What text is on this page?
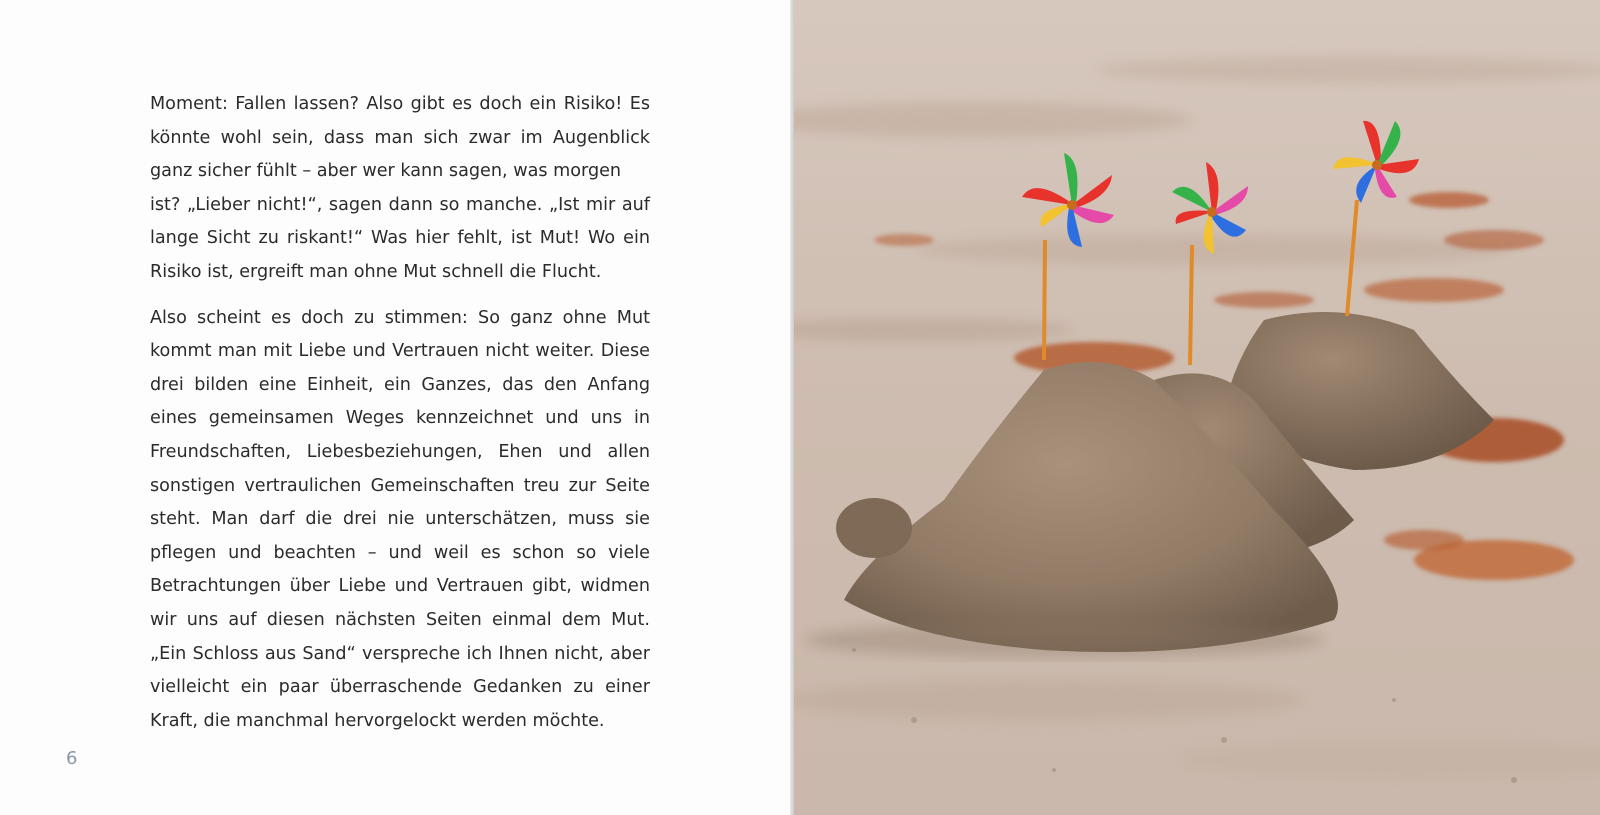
Moment: Fallen lassen? Also gibt es doch ein Risiko! Es könnte wohl sein, dass man sich zwar im Augenblick ganz sicher fühlt – aber wer kann sagen, was morgen

ist? „Lieber nicht!“, sagen dann so manche. „Ist mir auf lange Sicht zu riskant!“ Was hier fehlt, ist Mut! Wo ein Risiko ist, ergreift man ohne Mut schnell die Flucht.

Also scheint es doch zu stimmen: So ganz ohne Mut kommt man mit Liebe und Vertrauen nicht weiter. Diese drei bilden eine Einheit, ein Ganzes, das den Anfang eines gemeinsamen Weges kennzeichnet und uns in Freundschaften, Liebesbeziehungen, Ehen und allen sonstigen vertraulichen Gemeinschaften treu zur Seite steht. Man darf die drei nie unterschätzen, muss sie pflegen und beachten – und weil es schon so viele Betrachtungen über Liebe und Vertrauen gibt, widmen wir uns auf diesen nächsten Seiten einmal dem Mut. „Ein Schloss aus Sand“ verspreche ich Ihnen nicht, aber vielleicht ein paar überraschende Gedanken zu einer Kraft, die manchmal hervorgelockt werden möchte.

6
